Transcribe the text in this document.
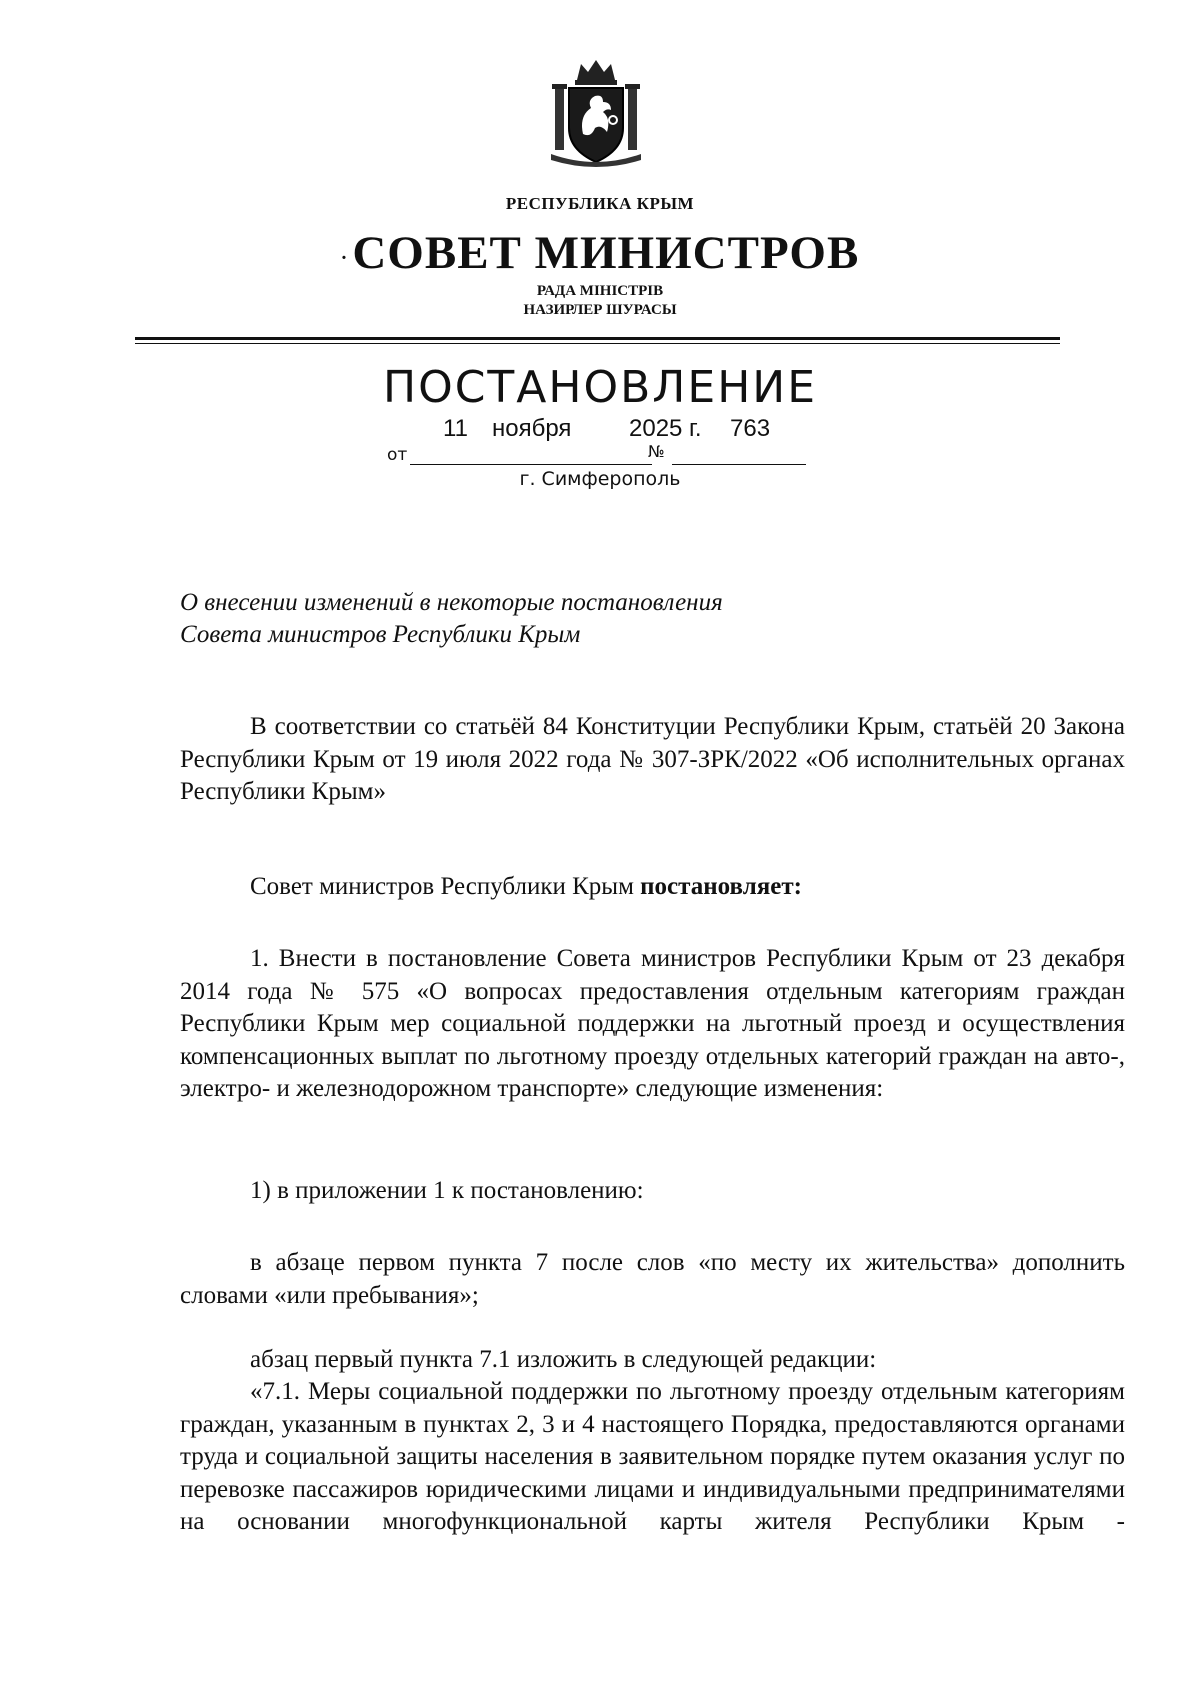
РЕСПУБЛИКА КРЫМ
·СОВЕТ МИНИСТРОВ
РАДА МІНІСТРІВ
НАЗИРЛЕР ШУРАСЫ
ПОСТАНОВЛЕНИЕ
11 ноября 2025 г. 763
от	№
г. Симферополь
О внесении изменений в некоторые постановления
Совета министров Республики Крым
В соответствии со статьёй 84 Конституции Республики Крым, статьёй 20 Закона Республики Крым от 19 июля 2022 года № 307-ЗРК/2022 «Об исполнительных органах Республики Крым»
Совет министров Республики Крым постановляет:
1. Внести в постановление Совета министров Республики Крым от 23 декабря 2014 года № 575 «О вопросах предоставления отдельным категориям граждан Республики Крым мер социальной поддержки на льготный проезд и осуществления компенсационных выплат по льготному проезду отдельных категорий граждан на авто-, электро- и железнодорожном транспорте» следующие изменения:
1) в приложении 1 к постановлению:
в абзаце первом пункта 7 после слов «по месту их жительства» дополнить словами «или пребывания»;
абзац первый пункта 7.1 изложить в следующей редакции:
«7.1. Меры социальной поддержки по льготному проезду отдельным категориям граждан, указанным в пунктах 2, 3 и 4 настоящего Порядка, предоставляются органами труда и социальной защиты населения в заявительном порядке путем оказания услуг по перевозке пассажиров юридическими лицами и индивидуальными предпринимателями на основании многофункциональной карты жителя Республики Крым -
